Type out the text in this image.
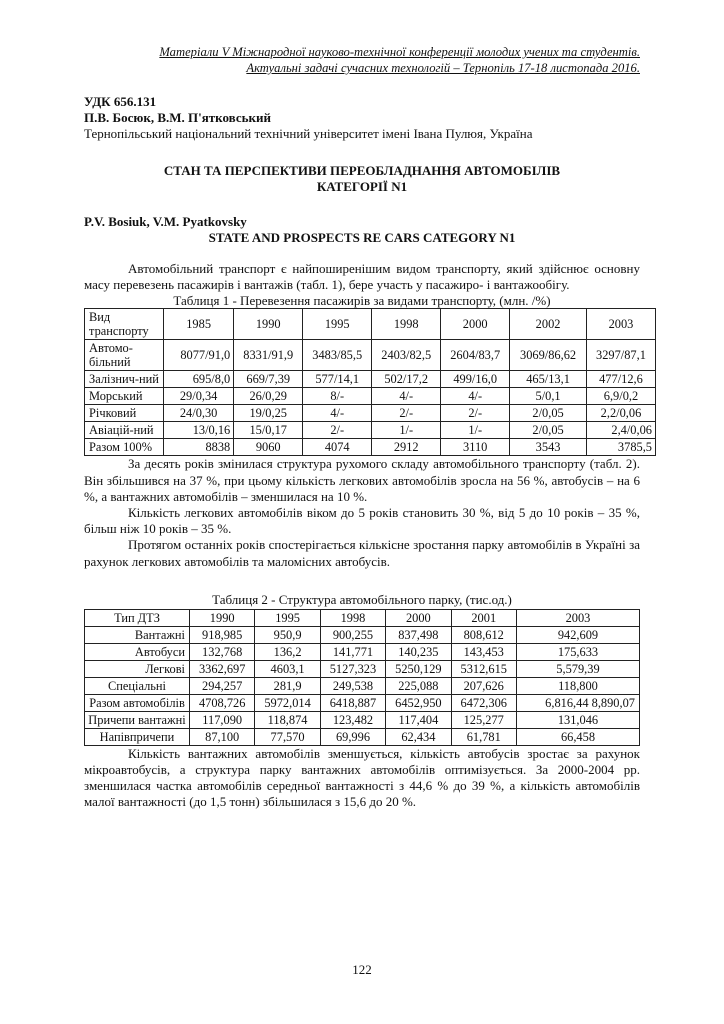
Матеріали V Міжнародної науково-технічної конференції молодих учених та студентів.
Актуальні задачі сучасних технологій – Тернопіль 17-18 листопада 2016.
УДК 656.131
П.В. Босюк, В.М. П'ятковський
Тернопільський національний технічний університет імені Івана Пулюя, Україна
СТАН ТА ПЕРСПЕКТИВИ ПЕРЕОБЛАДНАННЯ АВТОМОБІЛІВ
КАТЕГОРІЇ N1
P.V. Bosiuk, V.M. Pyatkovsky
STATE AND PROSPECTS RE CARS CATEGORY N1

Автомобільний транспорт є найпоширенішим видом транспорту, який здійснює основну масу перевезень пасажирів і вантажів (табл. 1), бере участь у пасажиро- і вантажообігу.

Таблиця 1 - Перевезення пасажирів за видами транспорту, (млн. /%)
Вид транспорту	1985	1990	1995	1998	2000	2002	2003
Автомо-більний	8077/91,0	8331/91,9	3483/85,5	2403/82,5	2604/83,7	3069/86,62	3297/87,1
Залізнич-ний	695/8,0	669/7,39	577/14,1	502/17,2	499/16,0	465/13,1	477/12,6
Морський	29/0,34	26/0,29	8/-	4/-	4/-	5/0,1	6,9/0,2
Річковий	24/0,30	19/0,25	4/-	2/-	2/-	2/0,05	2,2/0,06
Авіацій-ний	13/0,16	15/0,17	2/-	1/-	1/-	2/0,05	2,4/0,06
Разом 100%	8838	9060	4074	2912	3110	3543	3785,5

За десять років змінилася структура рухомого складу автомобільного транспорту (табл. 2). Він збільшився на 37 %, при цьому кількість легкових автомобілів зросла на 56 %, автобусів – на 6 %, а вантажних автомобілів – зменшилася на 10 %.

Кількість легкових автомобілів віком до 5 років становить 30 %, від 5 до 10 років – 35 %, більш ніж 10 років – 35 %.

Протягом останніх років спостерігається кількісне зростання парку автомобілів в Україні за рахунок легкових автомобілів та маломісних автобусів.

Таблиця 2 - Структура автомобільного парку, (тис.од.)
Тип ДТЗ	1990	1995	1998	2000	2001	2003
Вантажні	918,985	950,9	900,255	837,498	808,612	942,609
Автобуси	132,768	136,2	141,771	140,235	143,453	175,633
Легкові	3362,697	4603,1	5127,323	5250,129	5312,615	5,579,39
Спеціальні	294,257	281,9	249,538	225,088	207,626	118,800
Разом автомобілів	4708,726	5972,014	6418,887	6452,950	6472,306	6,816,44 8,890,07
Причепи вантажні	117,090	118,874	123,482	117,404	125,277	131,046
Напівпричепи	87,100	77,570	69,996	62,434	61,781	66,458

Кількість вантажних автомобілів зменшується, кількість автобусів зростає за рахунок мікроавтобусів, а структура парку вантажних автомобілів оптимізується. За 2000-2004 рр. зменшилася частка автомобілів середньої вантажності з 44,6 % до 39 %, а кількість автомобілів малої вантажності (до 1,5 тонн) збільшилася з 15,6 до 20 %.

122
